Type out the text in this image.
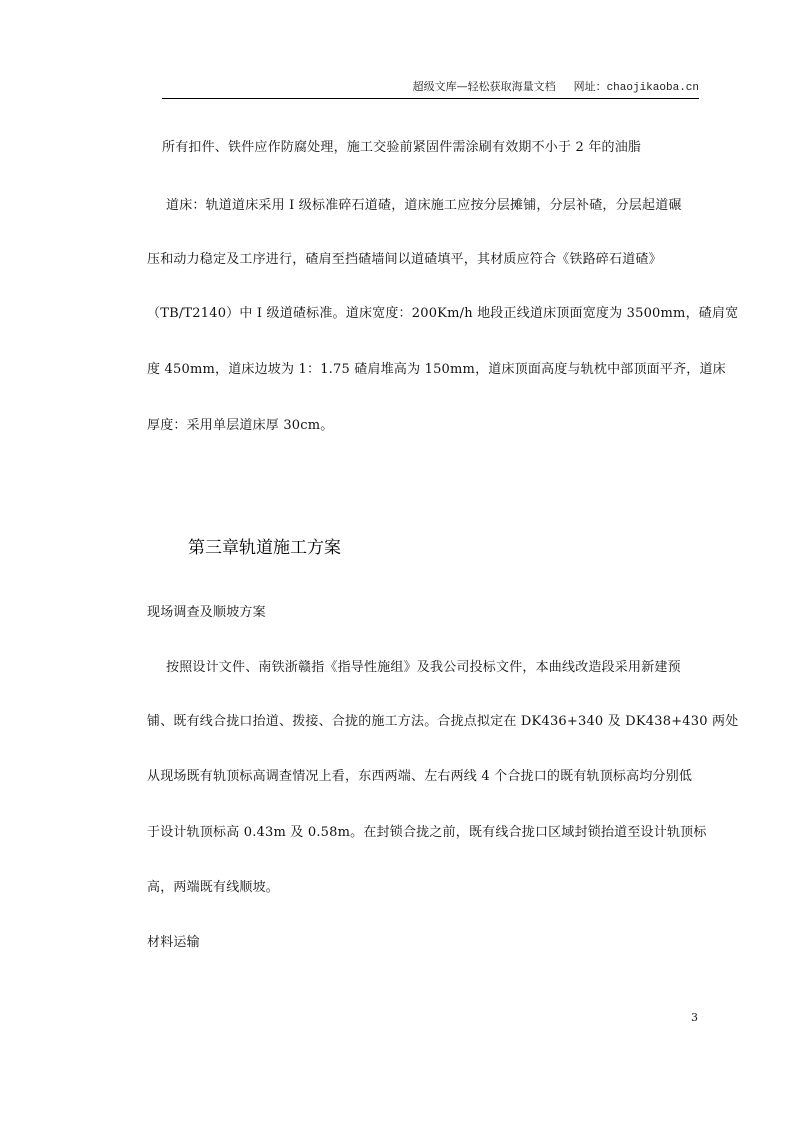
超级文库—轻松获取海量文档 网址：chaojikaoba.cn
所有扣件、铁件应作防腐处理，施工交验前紧固件需涂刷有效期不小于 2 年的油脂
道床：轨道道床采用 I 级标准碎石道碴，道床施工应按分层摊铺，分层补碴，分层起道碾
压和动力稳定及工序进行，碴肩至挡碴墙间以道碴填平，其材质应符合《铁路碎石道碴》
（TB/T2140）中 I 级道碴标准。道床宽度：200Km/h 地段正线道床顶面宽度为 3500mm，碴肩宽
度 450mm，道床边坡为 1：1.75 碴肩堆高为 150mm，道床顶面高度与轨枕中部顶面平齐，道床
厚度：采用单层道床厚 30cm。
第三章轨道施工方案
现场调查及顺坡方案
按照设计文件、南铁浙赣指《指导性施组》及我公司投标文件，本曲线改造段采用新建预
铺、既有线合拢口抬道、拨接、合拢的施工方法。合拢点拟定在 DK436+340 及 DK438+430 两处
从现场既有轨顶标高调查情况上看，东西两端、左右两线 4 个合拢口的既有轨顶标高均分别低
于设计轨顶标高 0.43m 及 0.58m。在封锁合拢之前，既有线合拢口区域封锁抬道至设计轨顶标
高，两端既有线顺坡。
材料运输
3
